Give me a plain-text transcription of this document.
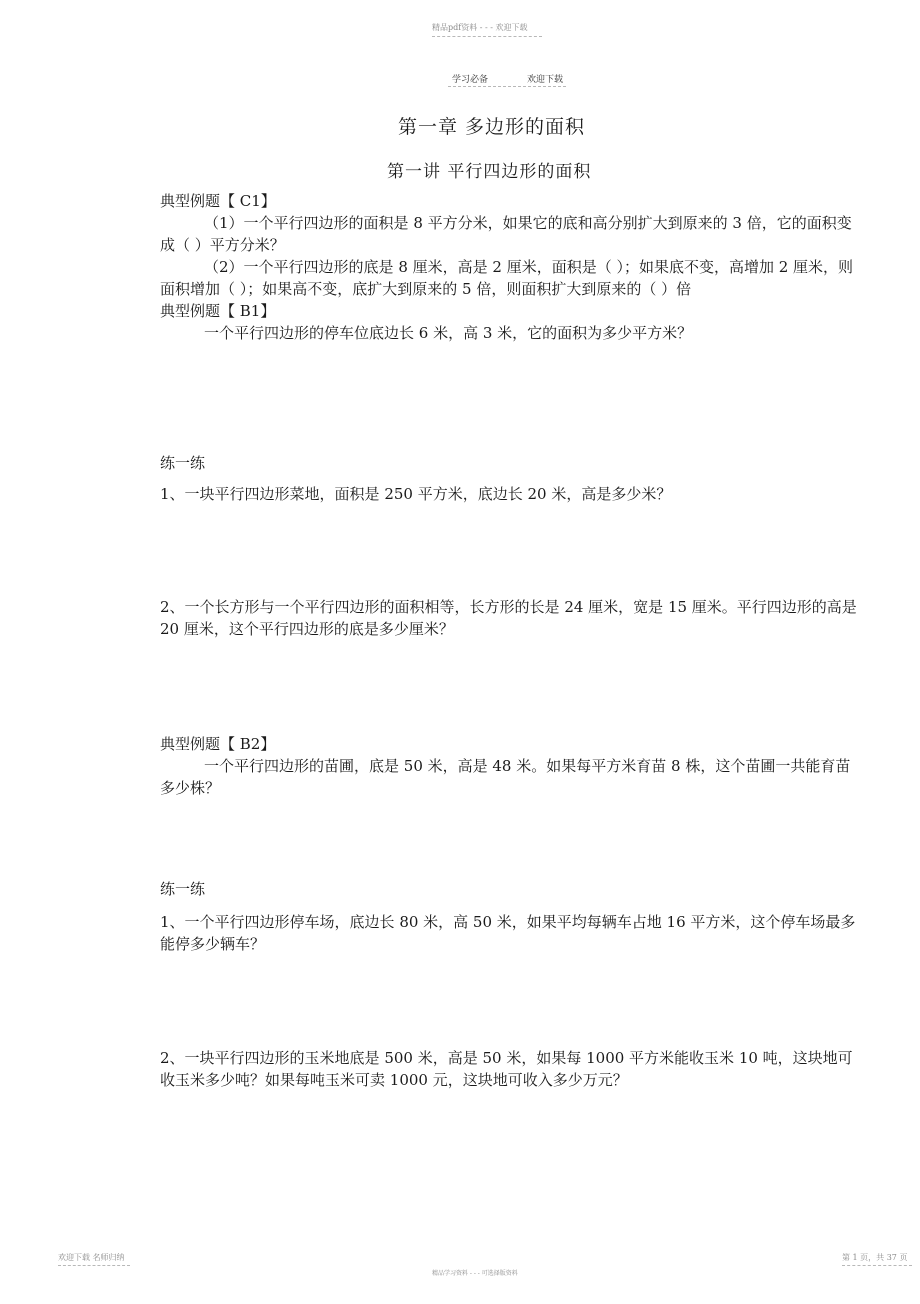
精品pdf资料 - - - 欢迎下载
学习必备	欢迎下载
第一章 多边形的面积
第一讲 平行四边形的面积

典型例题【 C1】

（1）一个平行四边形的面积是 8 平方分米，如果它的底和高分别扩大到原来的 3 倍，它的面积变成（ ）平方分米？

（2）一个平行四边形的底是 8 厘米，高是 2 厘米，面积是（ ）；如果底不变，高增加 2 厘米，则面积增加（ ）；如果高不变，底扩大到原来的 5 倍，则面积扩大到原来的（ ）倍

典型例题【 B1】

一个平行四边形的停车位底边长 6 米，高 3 米，它的面积为多少平方米？

练一练

1、一块平行四边形菜地，面积是 250 平方米，底边长 20 米，高是多少米？

2、一个长方形与一个平行四边形的面积相等，长方形的长是 24 厘米，宽是 15 厘米。平行四边形的高是 20 厘米，这个平行四边形的底是多少厘米？

典型例题【 B2】

一个平行四边形的苗圃，底是 50 米，高是 48 米。如果每平方米育苗 8 株，这个苗圃一共能育苗多少株？

练一练

1、一个平行四边形停车场，底边长 80 米，高 50 米，如果平均每辆车占地 16 平方米，这个停车场最多能停多少辆车？

2、一块平行四边形的玉米地底是 500 米，高是 50 米，如果每 1000 平方米能收玉米 10 吨，这块地可收玉米多少吨？如果每吨玉米可卖 1000 元，这块地可收入多少万元？

欢迎下载 名师归纳
精品学习资料 - - - 可选择版资料
第 1 页，共 37 页
